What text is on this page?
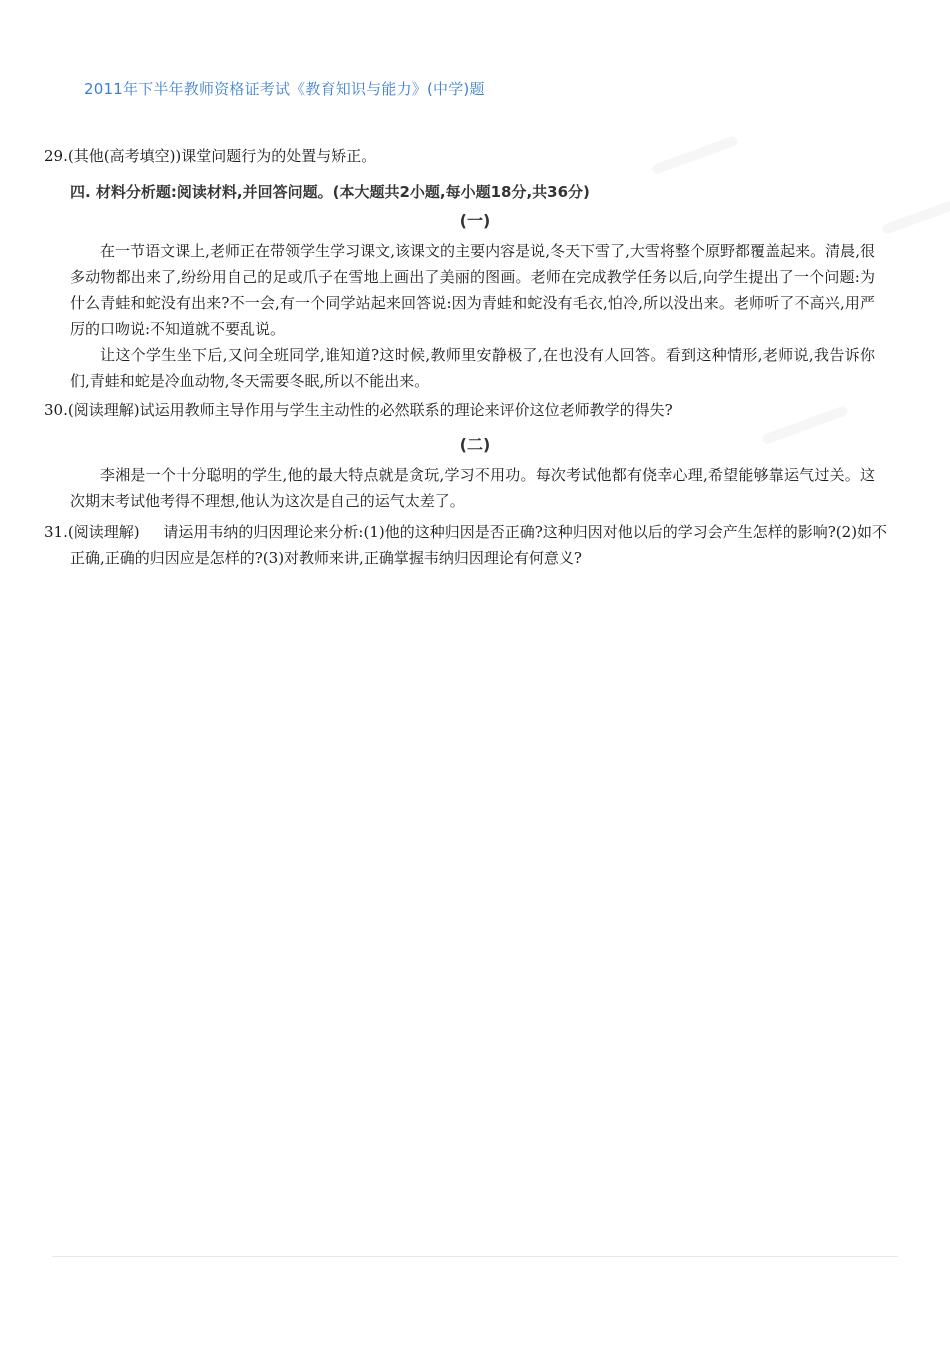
2011年下半年教师资格证考试《教育知识与能力》(中学)题
29.(其他(高考填空))课堂问题行为的处置与矫正。
四. 材料分析题:阅读材料,并回答问题。(本大题共2小题,每小题18分,共36分)
(一)

在一节语文课上,老师正在带领学生学习课文,该课文的主要内容是说,冬天下雪了,大雪将整个原野都覆盖起来。清晨,很多动物都出来了,纷纷用自己的足或爪子在雪地上画出了美丽的图画。老师在完成教学任务以后,向学生提出了一个问题:为什么青蛙和蛇没有出来?不一会,有一个同学站起来回答说:因为青蛙和蛇没有毛衣,怕冷,所以没出来。老师听了不高兴,用严厉的口吻说:不知道就不要乱说。

让这个学生坐下后,又问全班同学,谁知道?这时候,教师里安静极了,在也没有人回答。看到这种情形,老师说,我告诉你们,青蛙和蛇是冷血动物,冬天需要冬眠,所以不能出来。

30.(阅读理解)试运用教师主导作用与学生主动性的必然联系的理论来评价这位老师教学的得失?
(二)

李湘是一个十分聪明的学生,他的最大特点就是贪玩,学习不用功。每次考试他都有侥幸心理,希望能够靠运气过关。这次期末考试他考得不理想,他认为这次是自己的运气太差了。

31.(阅读理解) 请运用韦纳的归因理论来分析:(1)他的这种归因是否正确?这种归因对他以后的学习会产生怎样的影响?(2)如不正确,正确的归因应是怎样的?(3)对教师来讲,正确掌握韦纳归因理论有何意义?
